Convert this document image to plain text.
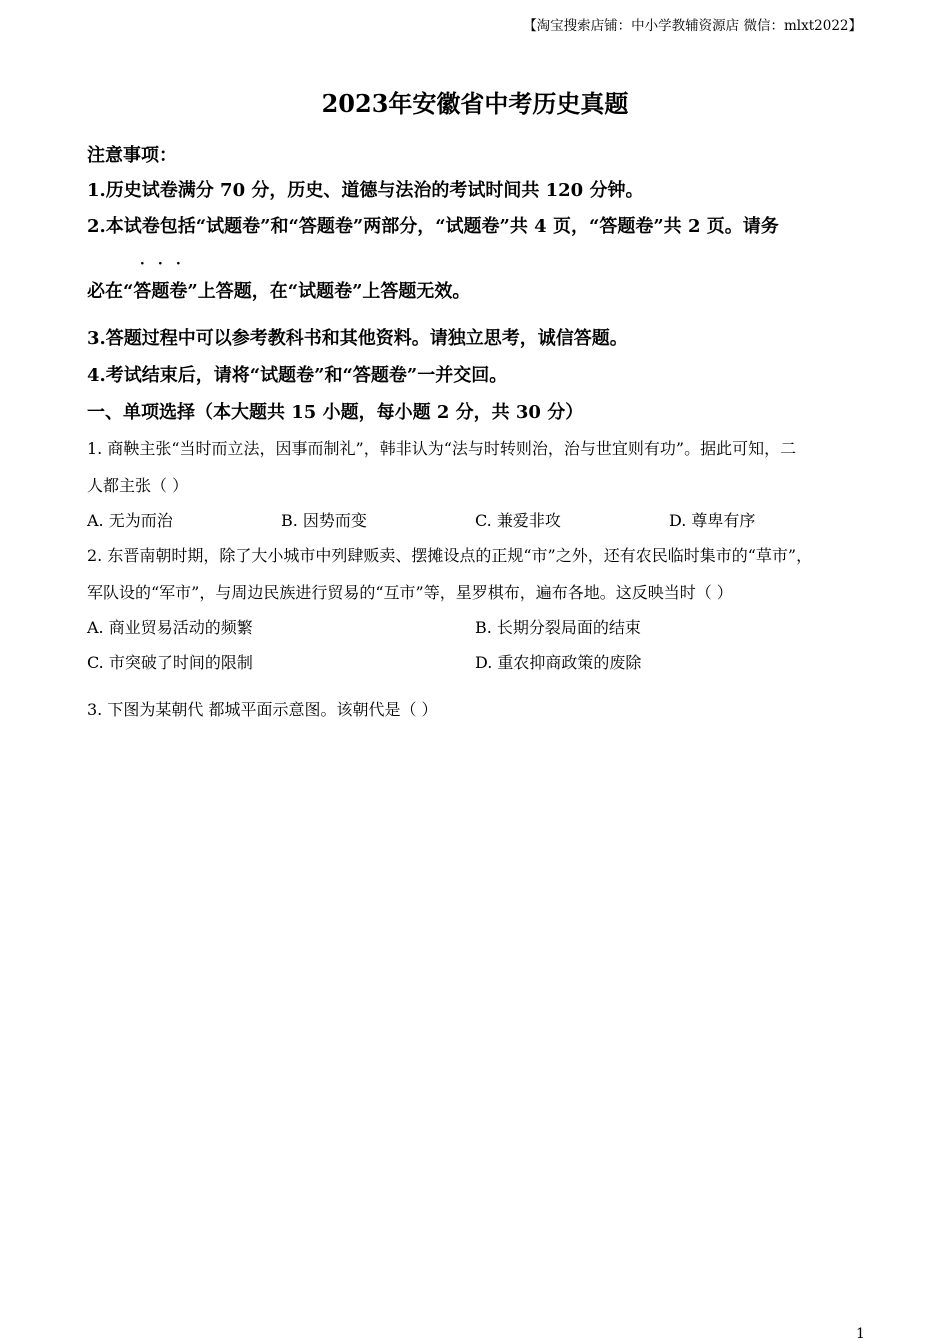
【淘宝搜索店铺：中小学教辅资源店 微信：mlxt2022】
2023年安徽省中考历史真题
注意事项：
1.历史试卷满分 70 分，历史、道德与法治的考试时间共 120 分钟。
2.本试卷包括“试题卷”和“答题卷”两部分，“试题卷”共 4 页，“答题卷”共 2 页。请务
必在“
· · ·
答题卷”上答题，在“试题卷”上答题无效。
3.答题过程中可以参考教科书和其他资料。请独立思考，诚信答题。
4.考试结束后，请将“试题卷”和“答题卷”一并交回。
一、单项选择（本大题共 15 小题，每小题 2 分，共 30 分）
1. 商鞅主张“当时而立法，因事而制礼”，韩非认为“法与时转则治，治与世宜则有功”。据此可知，二
人都主张（ ）
A. 无为而治	B. 因势而变	C. 兼爱非攻	D. 尊卑有序
2. 东晋南朝时期，除了大小城市中列肆贩卖、摆摊设点的正规“市”之外，还有农民临时集市的“草市”，
军队设的“军市”，与周边民族进行贸易的“互市”等，星罗棋布，遍布各地。这反映当时（ ）
A. 商业贸易活动的频繁	B. 长期分裂局面的结束
C. 市突破了时间的限制	D. 重农抑商政策的废除
3. 下图为某朝代 都城平面示意图。该朝代是（ ）
1
